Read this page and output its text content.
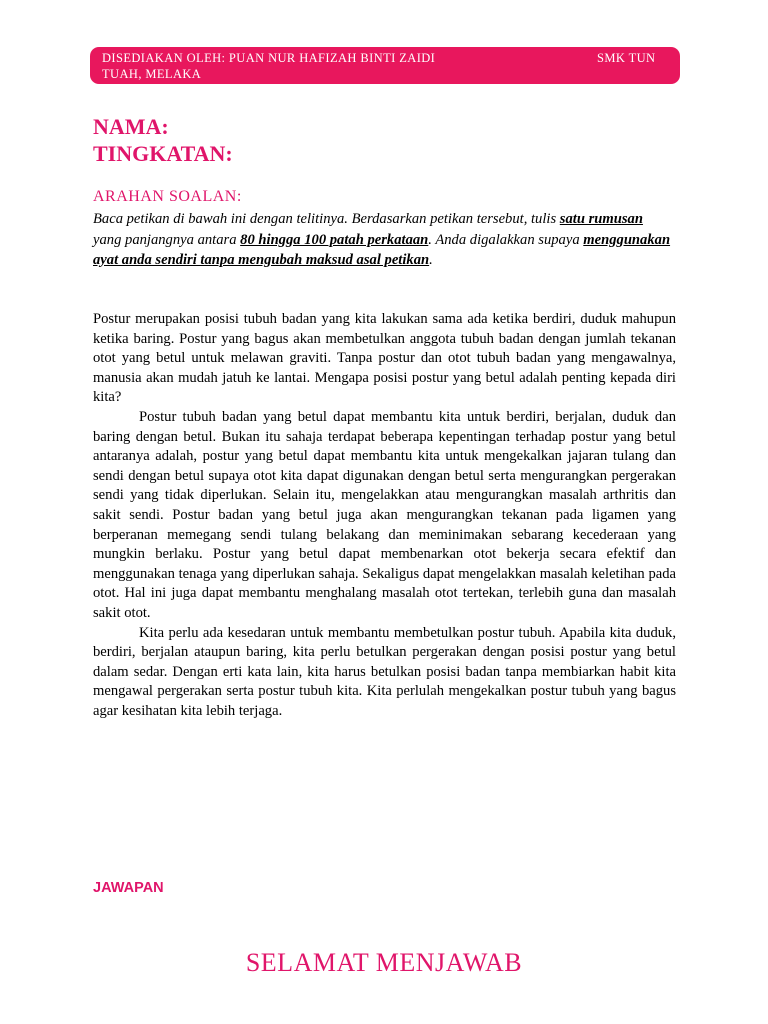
DISEDIAKAN OLEH: PUAN NUR HAFIZAH BINTI ZAIDI	SMK TUN
TUAH, MELAKA
NAMA:
TINGKATAN:
ARAHAN SOALAN:
Baca petikan di bawah ini dengan telitinya. Berdasarkan petikan tersebut, tulis satu rumusan yang panjangnya antara 80 hingga 100 patah perkataan. Anda digalakkan supaya menggunakan ayat anda sendiri tanpa mengubah maksud asal petikan.

Postur merupakan posisi tubuh badan yang kita lakukan sama ada ketika berdiri, duduk mahupun ketika baring. Postur yang bagus akan membetulkan anggota tubuh badan dengan jumlah tekanan otot yang betul untuk melawan graviti. Tanpa postur dan otot tubuh badan yang mengawalnya, manusia akan mudah jatuh ke lantai. Mengapa posisi postur yang betul adalah penting kepada diri kita?

Postur tubuh badan yang betul dapat membantu kita untuk berdiri, berjalan, duduk dan baring dengan betul. Bukan itu sahaja terdapat beberapa kepentingan terhadap postur yang betul antaranya adalah, postur yang betul dapat membantu kita untuk mengekalkan jajaran tulang dan sendi dengan betul supaya otot kita dapat digunakan dengan betul serta mengurangkan pergerakan sendi yang tidak diperlukan. Selain itu, mengelakkan atau mengurangkan masalah arthritis dan sakit sendi. Postur badan yang betul juga akan mengurangkan tekanan pada ligamen yang berperanan memegang sendi tulang belakang dan meminimakan sebarang kecederaan yang mungkin berlaku. Postur yang betul dapat membenarkan otot bekerja secara efektif dan menggunakan tenaga yang diperlukan sahaja. Sekaligus dapat mengelakkan masalah keletihan pada otot. Hal ini juga dapat membantu menghalang masalah otot tertekan, terlebih guna dan masalah sakit otot.

Kita perlu ada kesedaran untuk membantu membetulkan postur tubuh. Apabila kita duduk, berdiri, berjalan ataupun baring, kita perlu betulkan pergerakan dengan posisi postur yang betul dalam sedar. Dengan erti kata lain, kita harus betulkan posisi badan tanpa membiarkan habit kita mengawal pergerakan serta postur tubuh kita. Kita perlulah mengekalkan postur tubuh yang bagus agar kesihatan kita lebih terjaga.

JAWAPAN
SELAMAT MENJAWAB
